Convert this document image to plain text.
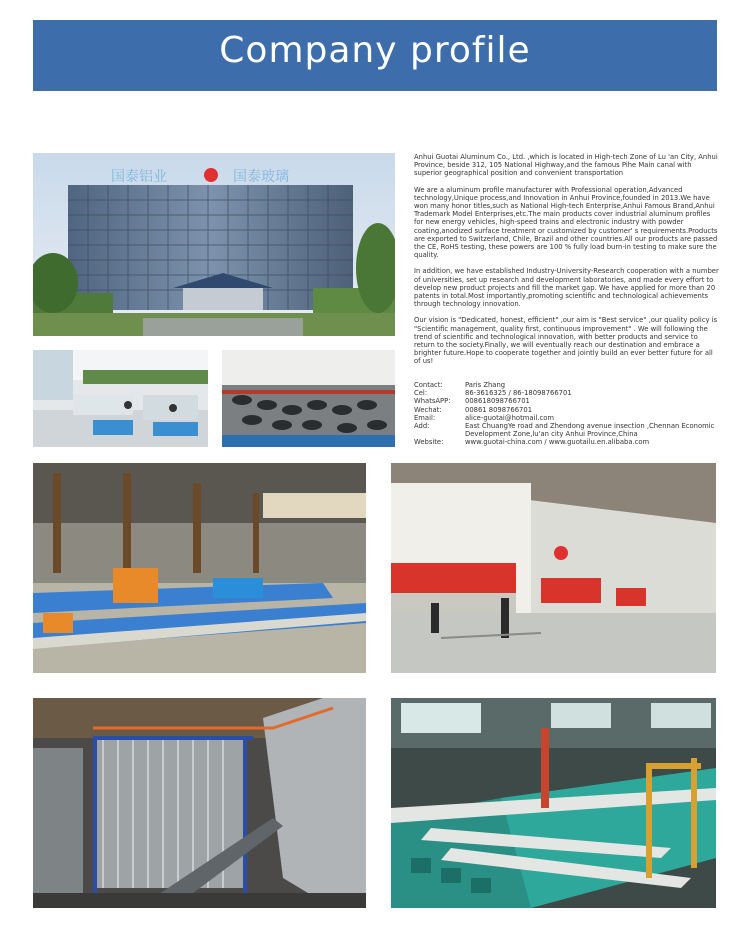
Company profile
国泰铝业	国泰玻璃

Anhui Guotai Aluminum Co., Ltd. ,which is located in High-tech Zone of Lu 'an City, Anhui Province, beside 312, 105 National Highway,and the famous Pihe Main canal with superior geographical position and convenient transportation

We are a aluminum profile manufacturer with Professional operation,Advanced technology,Unique process,and Innovation in Anhui Province,founded in 2013.We have won many honor titles,such as National High-tech Enterprise,Anhui Famous Brand,Anhui Trademark Model Enterprises,etc.The main products cover industrial aluminum profiles for new energy vehicles, high-speed trains and electronic industry with powder coating,anodized surface treatment or customized by customer' s requirements.Products are exported to Switzerland, Chile, Brazil and other countries.All our products are passed the CE, RoHS testing, these powers are 100 % fully load burn-in testing to make sure the quality.

In addition, we have established Industry-University-Research cooperation with a number of universities, set up research and development laboratories, and made every effort to develop new product projects and fill the market gap. We have applied for more than 20 patents in total.Most importantly,promoting scientific and technological achievements through technology innovation.

Our vision is "Dedicated, honest, efficient" ,our aim is "Best service" ,our quality policy is "Scientific management, quality first, continuous improvement" . We will following the trend of scientific and technological innovation, with better products and service to return to the society.Finally, we will eventually reach our destination and embrace a brighter future.Hope to cooperate together and jointly build an ever better future for all of us!

Contact:	Paris Zhang
Cel:	86-3616325 / 86-18098766701
WhatsAPP:	008618098766701
Wechat:	00861 8098766701
Email:	alice-guotai@hotmail.com
Add:	East ChuangYe road and Zhendong avenue insection ,Chennan Economic Development Zone,lu'an city Anhui Province,China
Website:	www.guotai-china.com / www.guotailu.en.alibaba.com
